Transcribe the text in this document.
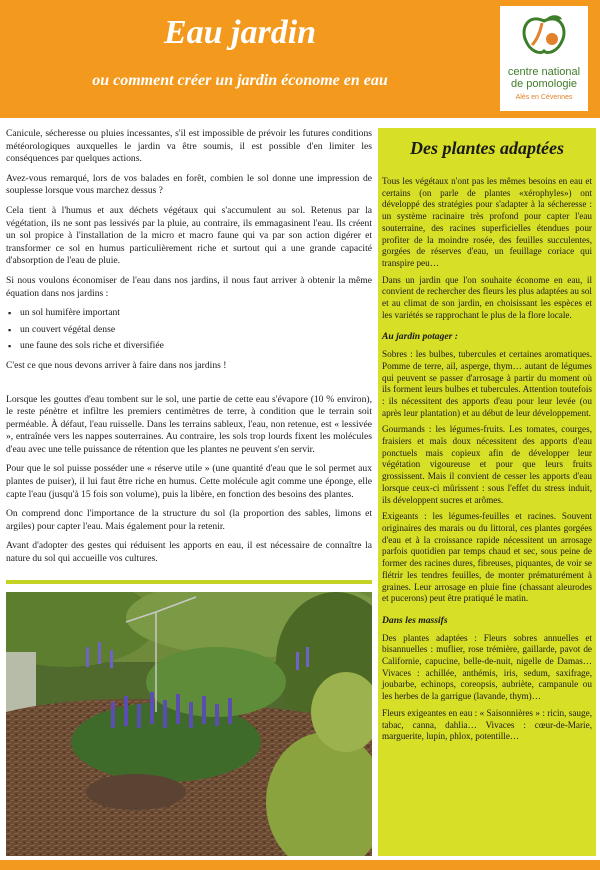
Eau jardin
ou comment créer un jardin économe en eau	centre national
de pomologie
Alès en Cévennes

Canicule, sécheresse ou pluies incessantes, s'il est impossible de prévoir les futures conditions météorologiques auxquelles le jardin va être soumis, il est possible d'en limiter les conséquences par quelques actions.

Avez-vous remarqué, lors de vos balades en forêt, combien le sol donne une impression de souplesse lorsque vous marchez dessus ?

Cela tient à l'humus et aux déchets végétaux qui s'accumulent au sol. Retenus par la végétation, ils ne sont pas lessivés par la pluie, au contraire, ils emmagasinent l'eau. Ils créent un sol propice à l'installation de la micro et macro faune qui va par son action digérer et transformer ce sol en humus particulièrement riche et surtout qui a une grande capacité d'absorption de l'eau de pluie.

Si nous voulons économiser de l'eau dans nos jardins, il nous faut arriver à obtenir la même équation dans nos jardins :

▪ un sol humifère important
▪ un couvert végétal dense
▪ une faune des sols riche et diversifiée

C'est ce que nous devons arriver à faire dans nos jardins !

Lorsque les gouttes d'eau tombent sur le sol, une partie de cette eau s'évapore (10 % environ), le reste pénètre et infiltre les premiers centimètres de terre, à condition que le terrain soit perméable. À défaut, l'eau ruisselle. Dans les terrains sableux, l'eau, non retenue, est « lessivée », entraînée vers les nappes souterraines. Au contraire, les sols trop lourds fixent les molécules d'eau avec une telle puissance de rétention que les plantes ne peuvent s'en servir.

Pour que le sol puisse posséder une « réserve utile » (une quantité d'eau que le sol permet aux plantes de puiser), il lui faut être riche en humus. Cette molécule agit comme une éponge, elle capte l'eau (jusqu'à 15 fois son volume), puis la libère, en fonction des besoins des plantes.

On comprend donc l'importance de la structure du sol (la proportion des sables, limons et argiles) pour capter l'eau. Mais également pour la retenir.

Avant d'adopter des gestes qui réduisent les apports en eau, il est nécessaire de connaître la nature du sol qui accueille vos cultures.

Des plantes adaptées

Tous les végétaux n'ont pas les mêmes besoins en eau et certains (on parle de plantes «xérophyles») ont développé des stratégies pour s'adapter à la sécheresse : un système racinaire très profond pour capter l'eau souterraine, des racines superficielles étendues pour profiter de la moindre rosée, des feuilles succulentes, gorgées de réserves d'eau, un feuillage coriace qui transpire peu…

Dans un jardin que l'on souhaite économe en eau, il convient de rechercher des fleurs les plus adaptées au sol et au climat de son jardin, en choisissant les espèces et les variétés se rapprochant le plus de la flore locale.

Au jardin potager :

Sobres : les bulbes, tubercules et certaines aromatiques. Pomme de terre, ail, asperge, thym… autant de légumes qui peuvent se passer d'arrosage à partir du moment où ils forment leurs bulbes et tubercules. Attention toutefois : ils nécessitent des apports d'eau pour leur levée (ou après leur plantation) et au début de leur développement.

Gourmands : les légumes-fruits. Les tomates, courges, fraisiers et maïs doux nécessitent des apports d'eau ponctuels mais copieux afin de développer leur végétation vigoureuse et pour que leurs fruits grossissent. Mais il convient de cesser les apports d'eau lorsque ceux-ci mûrissent : sous l'effet du stress induit, ils développent sucres et arômes.

Exigeants : les légumes-feuilles et racines. Souvent originaires des marais ou du littoral, ces plantes gorgées d'eau et à la croissance rapide nécessitent un arrosage parfois quotidien par temps chaud et sec, sous peine de former des racines dures, fibreuses, piquantes, de voir se flétrir les tendres feuilles, de monter prématurément à graines. Leur arrosage en pluie fine (chassant aleurodes et pucerons) peut être pratiqué le matin.

Dans les massifs

Des plantes adaptées : Fleurs sobres annuelles et bisannuelles : muflier, rose trémière, gaillarde, pavot de Californie, capucine, belle-de-nuit, nigelle de Damas… Vivaces : achillée, anthémis, iris, sedum, saxifrage, joubarbe, echinops, coreopsis, aubriète, campanule ou les herbes de la garrigue (lavande, thym)…

Fleurs exigeantes en eau : « Saisonnières » : ricin, sauge, tabac, canna, dahlia… Vivaces : cœur-de-Marie, marguerite, lupin, phlox, potentille…
